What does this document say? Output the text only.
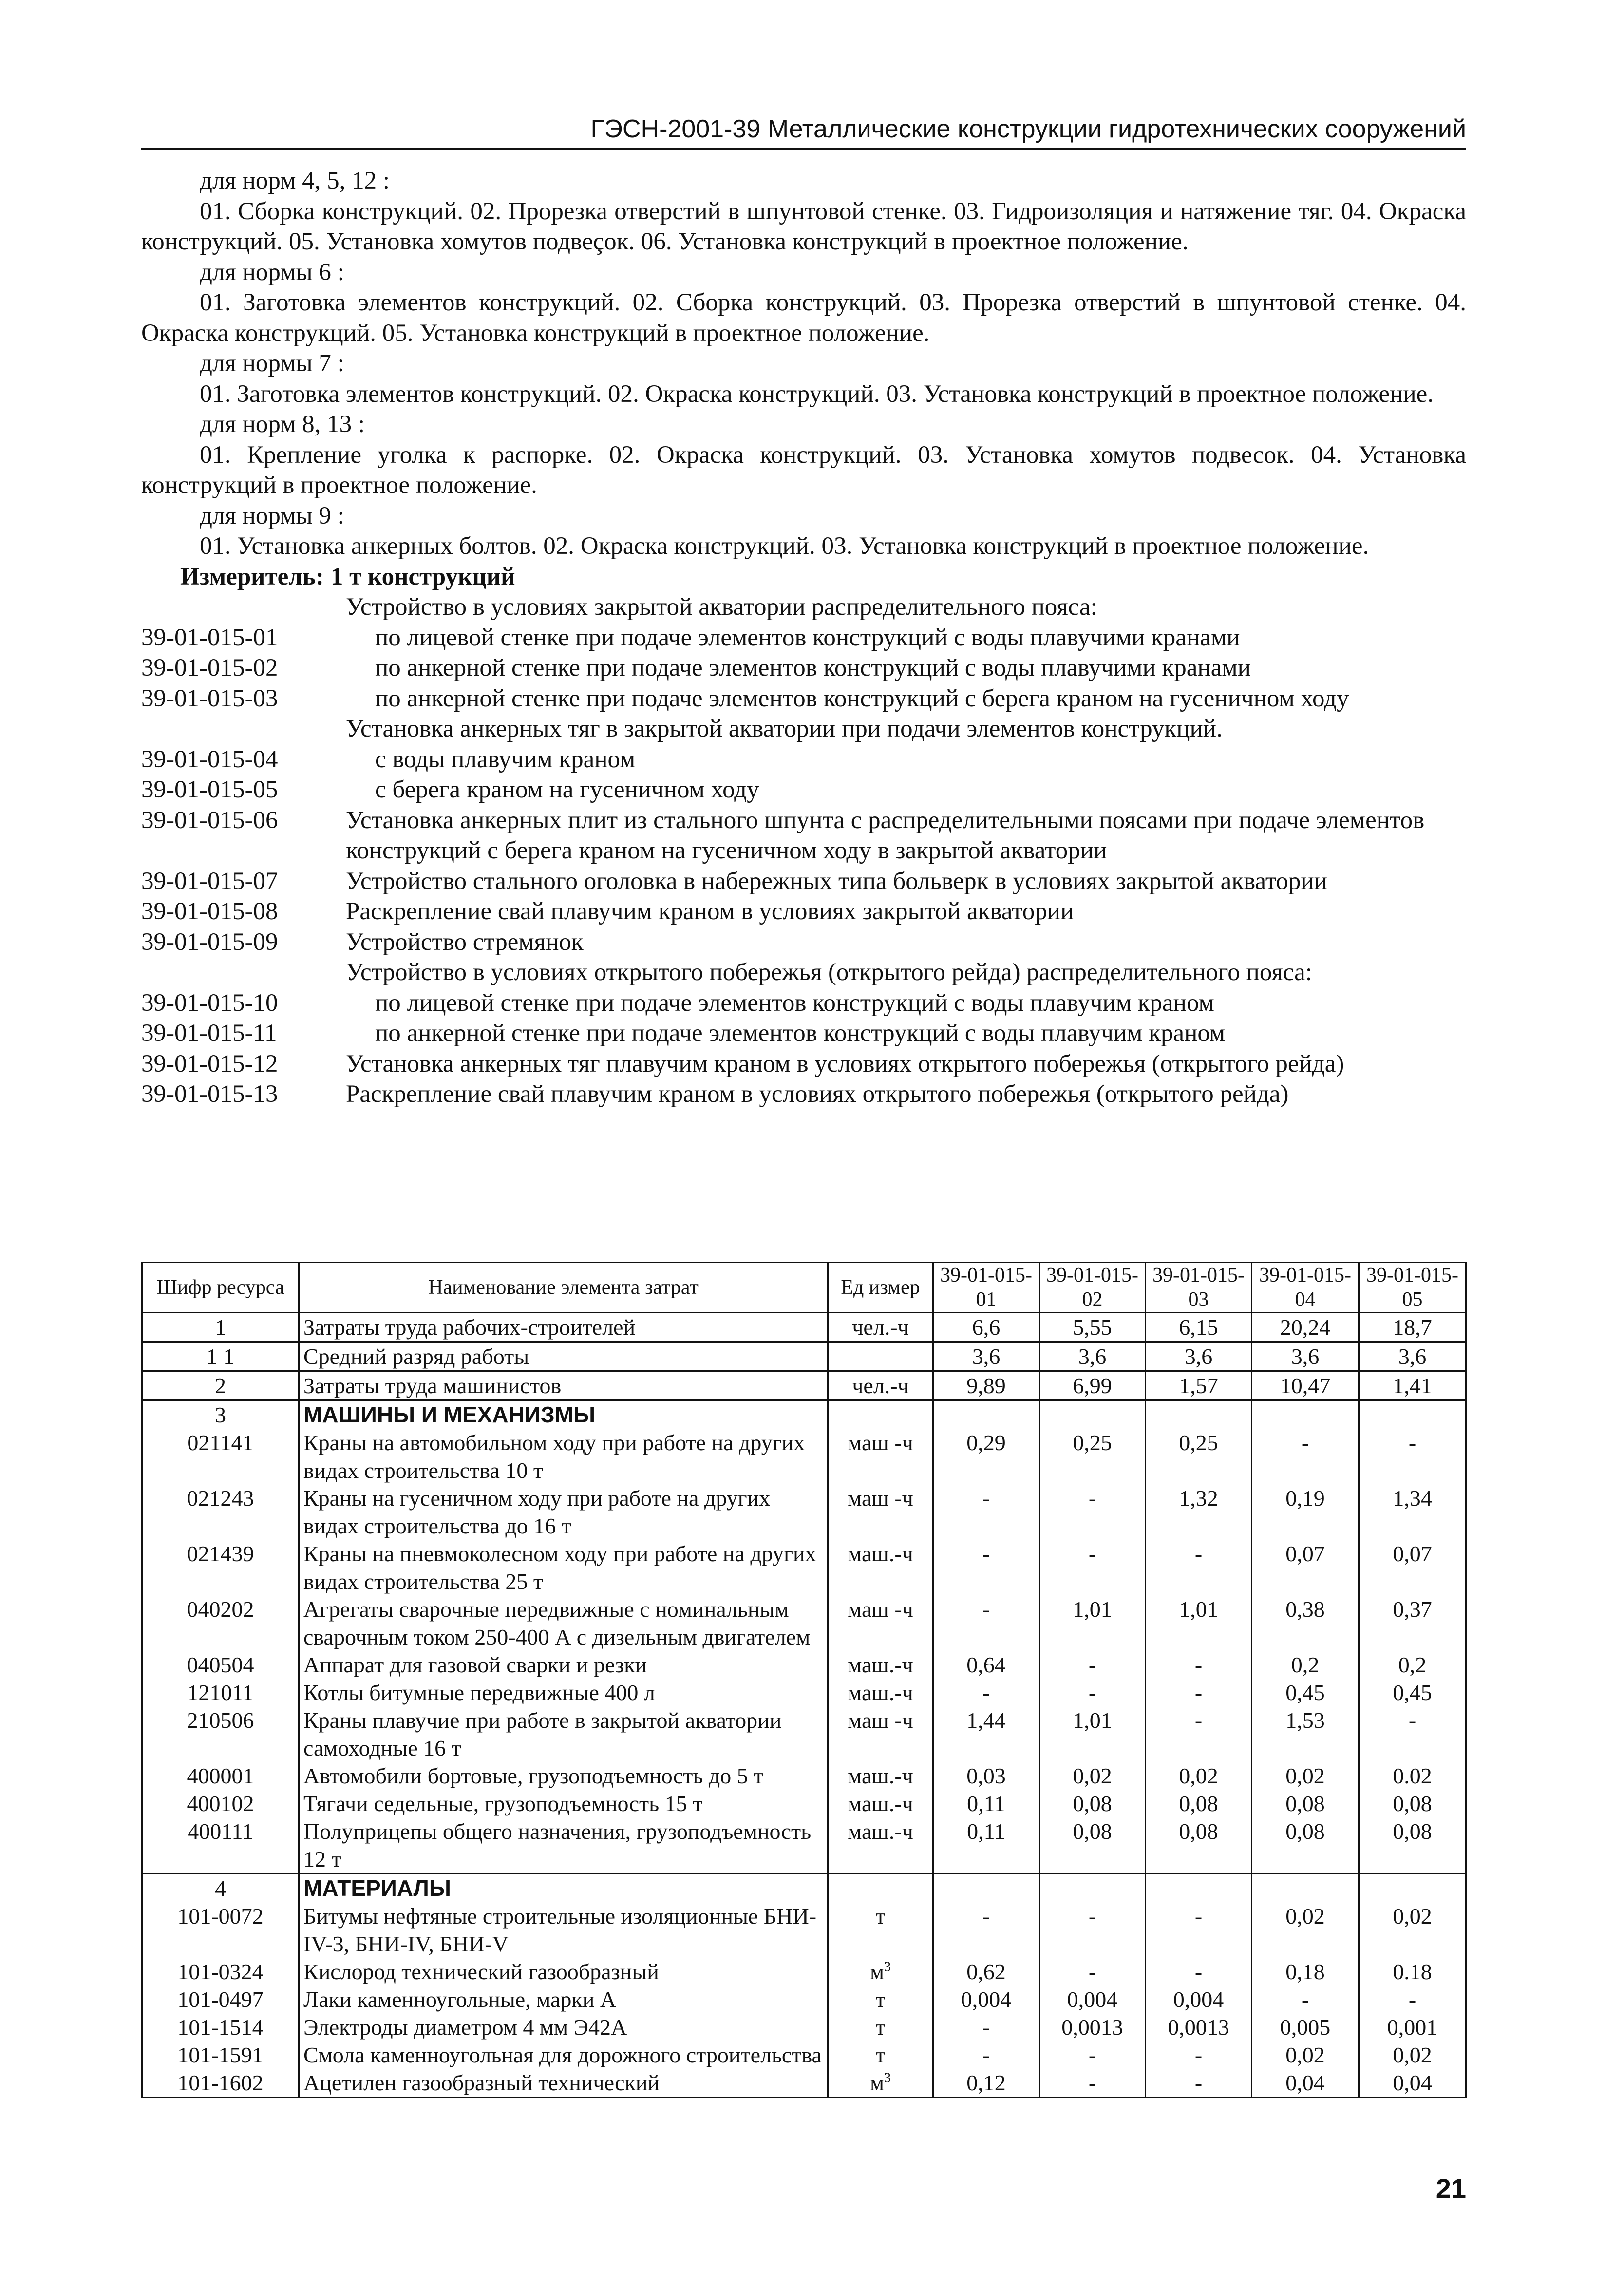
ГЭСН-2001-39 Металлические конструкции гидротехнических сооружений
для норм 4, 5, 12 :

01. Сборка конструкций. 02. Прорезка отверстий в шпунтовой стенке. 03. Гидроизоляция и натяжение тяг. 04. Окраска конструкций. 05. Установка хомутов подвеçок. 06. Установка конструкций в проектное положение.

для нормы 6 :

01. Заготовка элементов конструкций. 02. Сборка конструкций. 03. Прорезка отверстий в шпунтовой стенке. 04. Окраска конструкций. 05. Установка конструкций в проектное положение.

для нормы 7 :

01. Заготовка элементов конструкций. 02. Окраска конструкций. 03. Установка конструкций в проектное положение.

для норм 8, 13 :

01. Крепление уголка к распорке. 02. Окраска конструкций. 03. Установка хомутов подвесок. 04. Установка конструкций в проектное положение.

для нормы 9 :

01. Установка анкерных болтов. 02. Окраска конструкций. 03. Установка конструкций в проектное положение.

Измеритель: 1 т конструкций
Устройство в условиях закрытой акватории распределительного пояса:
39-01-015-01	по лицевой стенке при подаче элементов конструкций с воды плавучими кранами
39-01-015-02	по анкерной стенке при подаче элементов конструкций с воды плавучими кранами
39-01-015-03	по анкерной стенке при подаче элементов конструкций с берега краном на гусеничном ходу
Установка анкерных тяг в закрытой акватории при подачи элементов конструкций.
39-01-015-04	с воды плавучим краном
39-01-015-05	с берега краном на гусеничном ходу
39-01-015-06	Установка анкерных плит из стального шпунта с распределительными поясами при подаче элементов конструкций с берега краном на гусеничном ходу в закрытой акватории
39-01-015-07	Устройство стального оголовка в набережных типа больверк в условиях закрытой акватории
39-01-015-08	Раскрепление свай плавучим краном в условиях закрытой акватории
39-01-015-09	Устройство стремянок
Устройство в условиях открытого побережья (открытого рейда) распределительного пояса:
39-01-015-10	по лицевой стенке при подаче элементов конструкций с воды плавучим краном
39-01-015-11	по анкерной стенке при подаче элементов конструкций с воды плавучим краном
39-01-015-12	Установка анкерных тяг плавучим краном в условиях открытого побережья (открытого рейда)
39-01-015-13	Раскрепление свай плавучим краном в условиях открытого побережья (открытого рейда)
Шифр ресурса	Наименование элемента затрат	Ед измер	39-01-015-01	39-01-015-02	39-01-015-03	39-01-015-04	39-01-015-05
1	Затраты труда рабочих-строителей	чел.-ч	6,6	5,55	6,15	20,24	18,7
1 1	Средний разряд работы		3,6	3,6	3,6	3,6	3,6
2	Затраты труда машинистов	чел.-ч	9,89	6,99	1,57	10,47	1,41
3	МАШИНЫ И МЕХАНИЗМЫ						
021141	Краны на автомобильном ходу при работе на других видах строительства 10 т	маш -ч	0,29	0,25	0,25	-	-
021243	Краны на гусеничном ходу при работе на других видах строительства до 16 т	маш -ч	-	-	1,32	0,19	1,34
021439	Краны на пневмоколесном ходу при работе на других видах строительства 25 т	маш.-ч	-	-	-	0,07	0,07
040202	Агрегаты сварочные передвижные с номинальным сварочным током 250-400 А с дизельным двигателем	маш -ч	-	1,01	1,01	0,38	0,37
040504	Аппарат для газовой сварки и резки	маш.-ч	0,64	-	-	0,2	0,2
121011	Котлы битумные передвижные 400 л	маш.-ч	-	-	-	0,45	0,45
210506	Краны плавучие при работе в закрытой акватории самоходные 16 т	маш -ч	1,44	1,01	-	1,53	-
400001	Автомобили бортовые, грузоподъемность до 5 т	маш.-ч	0,03	0,02	0,02	0,02	0.02
400102	Тягачи седельные, грузоподъемность 15 т	маш.-ч	0,11	0,08	0,08	0,08	0,08
400111	Полуприцепы общего назначения, грузоподъемность 12 т	маш.-ч	0,11	0,08	0,08	0,08	0,08
4	МАТЕРИАЛЫ						
101-0072	Битумы нефтяные строительные изоляционные БНИ-IV-3, БНИ-IV, БНИ-V	т	-	-	-	0,02	0,02
101-0324	Кислород технический газообразный	$м^3$	0,62	-	-	0,18	0.18
101-0497	Лаки каменноугольные, марки А	т	0,004	0,004	0,004	-	-
101-1514	Электроды диаметром 4 мм Э42А	т	-	0,0013	0,0013	0,005	0,001
101-1591	Смола каменноугольная для дорожного строительства	т	-	-	-	0,02	0,02
101-1602	Ацетилен газообразный технический	$м^3$	0,12	-	-	0,04	0,04
21
